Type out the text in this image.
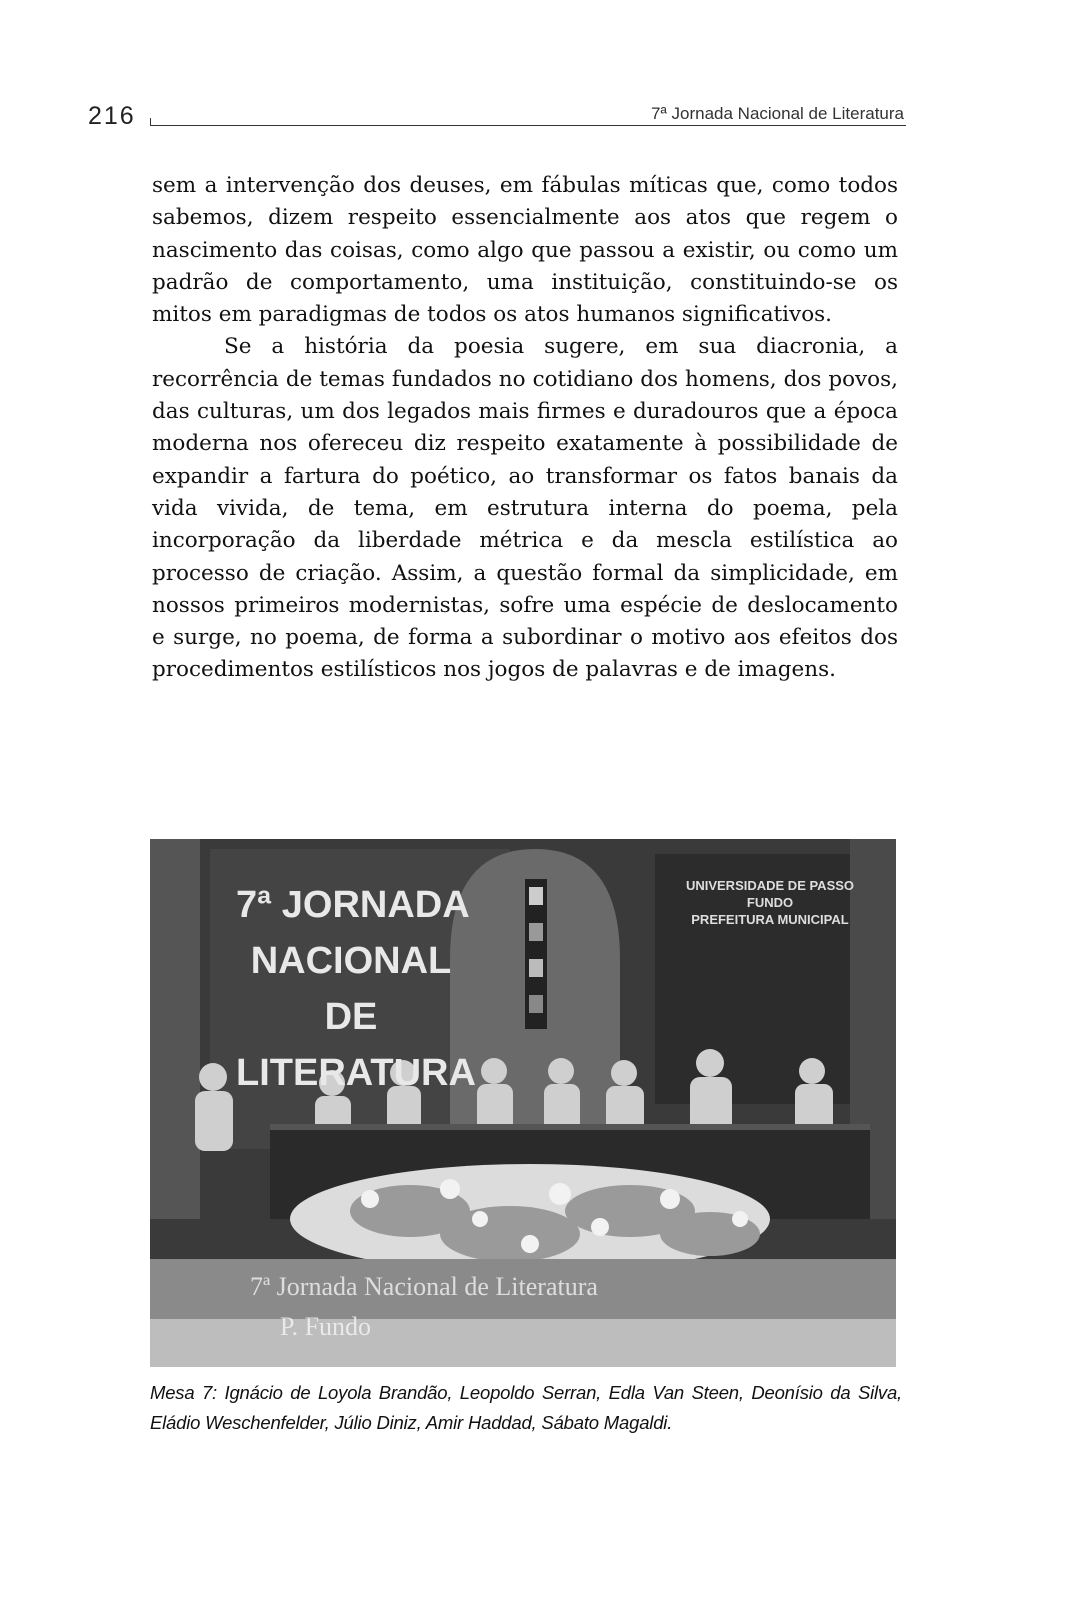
216	7ª Jornada Nacional de Literatura

sem a intervenção dos deuses, em fábulas míticas que, como todos sabemos, dizem respeito essencialmente aos atos que regem o nascimento das coisas, como algo que passou a existir, ou como um padrão de comportamento, uma instituição, constituindo-se os mitos em paradigmas de todos os atos humanos significativos.

Se a história da poesia sugere, em sua diacronia, a recorrência de temas fundados no cotidiano dos homens, dos povos, das culturas, um dos legados mais firmes e duradouros que a época moderna nos ofereceu diz respeito exatamente à possibilidade de expandir a fartura do poético, ao transformar os fatos banais da vida vivida, de tema, em estrutura interna do poema, pela incorporação da liberdade métrica e da mescla estilística ao processo de criação. Assim, a questão formal da simplicidade, em nossos primeiros modernistas, sofre uma espécie de deslocamento e surge, no poema, de forma a subordinar o motivo aos efeitos dos procedimentos estilísticos nos jogos de palavras e de imagens.

7ª JORNADA
NACIONAL
DE
LITERATURA
UNIVERSIDADE DE PASSO FUNDO
PREFEITURA MUNICIPAL
7ª Jornada Nacional de Literatura
P. Fundo
Mesa 7: Ignácio de Loyola Brandão, Leopoldo Serran, Edla Van Steen, Deonísio da Silva, Eládio Weschenfelder, Júlio Diniz, Amir Haddad, Sábato Magaldi.
